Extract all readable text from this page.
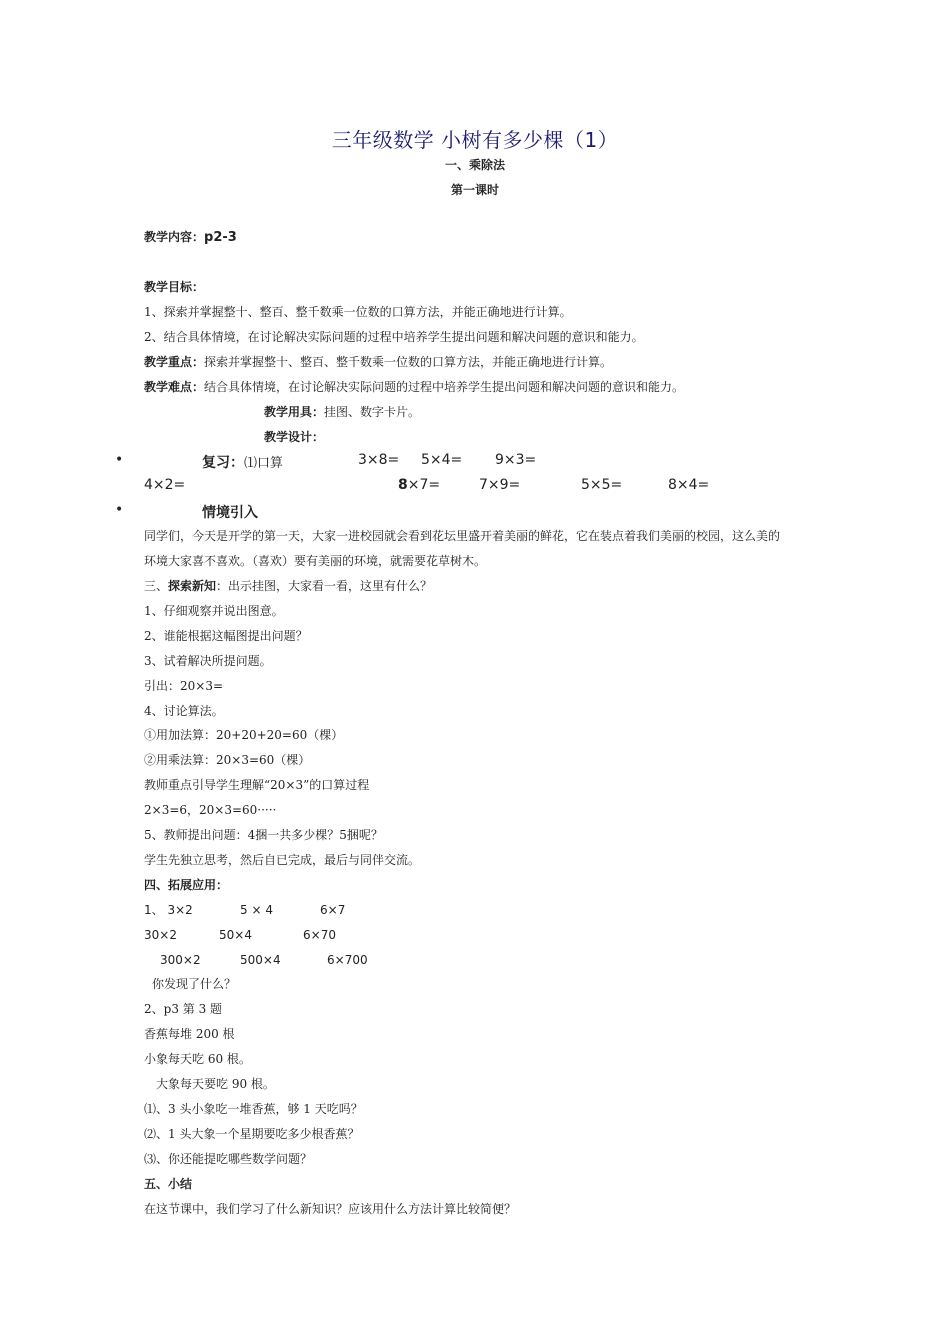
三年级数学 小树有多少棵（1）
一、乘除法
第一课时
教学内容：p2-3
教学目标：
1、探索并掌握整十、整百、整千数乘一位数的口算方法，并能正确地进行计算。
2、结合具体情境，在讨论解决实际问题的过程中培养学生提出问题和解决问题的意识和能力。
教学重点：探索并掌握整十、整百、整千数乘一位数的口算方法，并能正确地进行计算。
教学难点：结合具体情境，在讨论解决实际问题的过程中培养学生提出问题和解决问题的意识和能力。
教学用具：挂图、数字卡片。
教学设计：
•	复习：⑴口算	3×8= 5×4= 9×3=
4×2=	8×7=	7×9=	5×5=	8×4=
•	情境引入
同学们，今天是开学的第一天，大家一进校园就会看到花坛里盛开着美丽的鲜花，它在装点着我们美丽的校园，这么美的
环境大家喜不喜欢。（喜欢）要有美丽的环境，就需要花草树木。
三、探索新知：出示挂图，大家看一看，这里有什么？
1、仔细观察并说出图意。
2、谁能根据这幅图提出问题？
3、试着解决所提问题。
引出：20×3=
4、讨论算法。
①用加法算：20+20+20=60（棵）
②用乘法算：20×3=60（棵）
教师重点引导学生理解“20×3”的口算过程
2×3=6，20×3=60·····
5、教师提出问题：4捆一共多少棵？5捆呢？
学生先独立思考，然后自已完成，最后与同伴交流。
四、拓展应用：
1、 3×2	5 × 4	6×7
30×2	50×4	6×70
300×2	500×4	6×700
你发现了什么？
2、p3 第 3 题
香蕉每堆 200 根
小象每天吃 60 根。
大象每天要吃 90 根。
⑴、3 头小象吃一堆香蕉，够 1 天吃吗？
⑵、1 头大象一个星期要吃多少根香蕉？
⑶、你还能提吃哪些数学问题？
五、小结
在这节课中，我们学习了什么新知识？应该用什么方法计算比较简便？
